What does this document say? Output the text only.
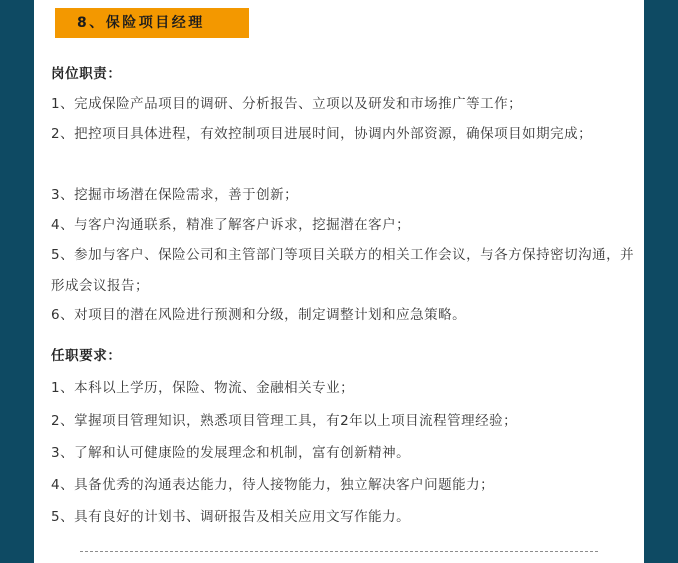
8、保险项目经理
岗位职责：
1、完成保险产品项目的调研、分析报告、立项以及研发和市场推广等工作；
2、把控项目具体进程，有效控制项目进展时间，协调内外部资源，确保项目如期完成；
3、挖掘市场潜在保险需求，善于创新；
4、与客户沟通联系，精准了解客户诉求，挖掘潜在客户；
5、参加与客户、保险公司和主管部门等项目关联方的相关工作会议，与各方保持密切沟通，并形成会议报告；
6、对项目的潜在风险进行预测和分级，制定调整计划和应急策略。
任职要求：
1、本科以上学历，保险、物流、金融相关专业；
2、掌握项目管理知识，熟悉项目管理工具，有2年以上项目流程管理经验；
3、了解和认可健康险的发展理念和机制，富有创新精神。
4、具备优秀的沟通表达能力，待人接物能力，独立解决客户问题能力；
5、具有良好的计划书、调研报告及相关应用文写作能力。
